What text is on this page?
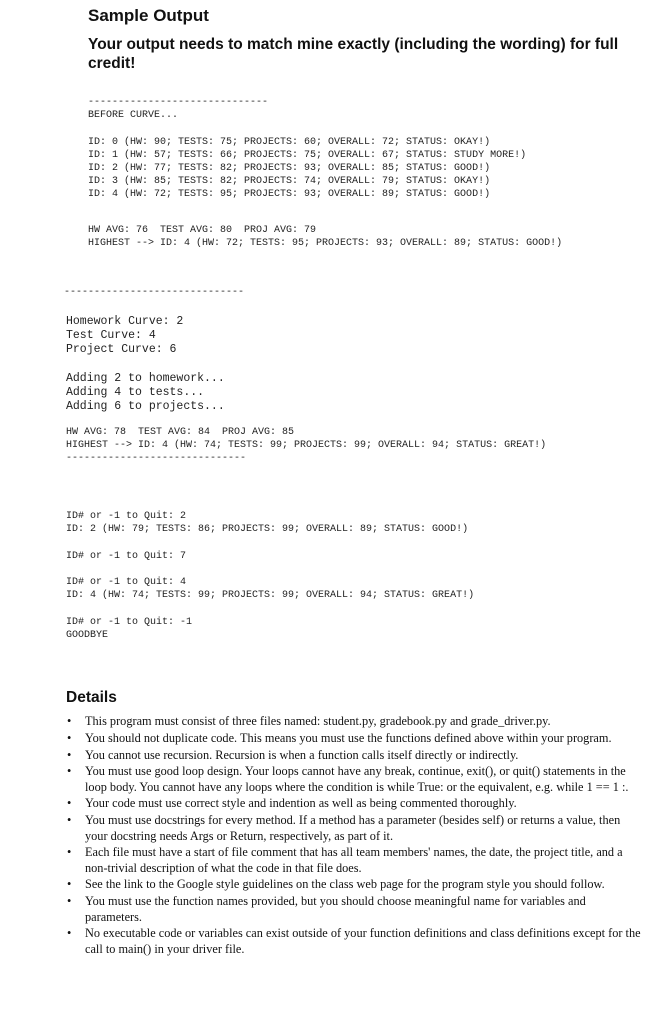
Sample Output
Your output needs to match mine exactly (including the wording) for full credit!
------------------------------
BEFORE CURVE...

ID: 0 (HW: 90; TESTS: 75; PROJECTS: 60; OVERALL: 72; STATUS: OKAY!)
ID: 1 (HW: 57; TESTS: 66; PROJECTS: 75; OVERALL: 67; STATUS: STUDY MORE!)
ID: 2 (HW: 77; TESTS: 82; PROJECTS: 93; OVERALL: 85; STATUS: GOOD!)
ID: 3 (HW: 85; TESTS: 82; PROJECTS: 74; OVERALL: 79; STATUS: OKAY!)
ID: 4 (HW: 72; TESTS: 95; PROJECTS: 93; OVERALL: 89; STATUS: GOOD!)
HW AVG: 76  TEST AVG: 80  PROJ AVG: 79
HIGHEST --> ID: 4 (HW: 72; TESTS: 95; PROJECTS: 93; OVERALL: 89; STATUS: GOOD!)
------------------------------
Homework Curve: 2
Test Curve: 4
Project Curve: 6

Adding 2 to homework...
Adding 4 to tests...
Adding 6 to projects...
HW AVG: 78  TEST AVG: 84  PROJ AVG: 85
HIGHEST --> ID: 4 (HW: 74; TESTS: 99; PROJECTS: 99; OVERALL: 94; STATUS: GREAT!)
------------------------------
ID# or -1 to Quit: 2
ID: 2 (HW: 79; TESTS: 86; PROJECTS: 99; OVERALL: 89; STATUS: GOOD!)

ID# or -1 to Quit: 7

ID# or -1 to Quit: 4
ID: 4 (HW: 74; TESTS: 99; PROJECTS: 99; OVERALL: 94; STATUS: GREAT!)

ID# or -1 to Quit: -1
GOODBYE
Details
• This program must consist of three files named: student.py, gradebook.py and grade_driver.py.
• You should not duplicate code. This means you must use the functions defined above within your program.
• You cannot use recursion. Recursion is when a function calls itself directly or indirectly.
• You must use good loop design. Your loops cannot have any break, continue, exit(), or quit() statements in the loop body. You cannot have any loops where the condition is while True: or the equivalent, e.g. while 1 == 1 :.
• Your code must use correct style and indention as well as being commented thoroughly.
• You must use docstrings for every method. If a method has a parameter (besides self) or returns a value, then your docstring needs Args or Return, respectively, as part of it.
• Each file must have a start of file comment that has all team members' names, the date, the project title, and a non-trivial description of what the code in that file does.
• See the link to the Google style guidelines on the class web page for the program style you should follow.
• You must use the function names provided, but you should choose meaningful name for variables and parameters.
• No executable code or variables can exist outside of your function definitions and class definitions except for the call to main() in your driver file.
